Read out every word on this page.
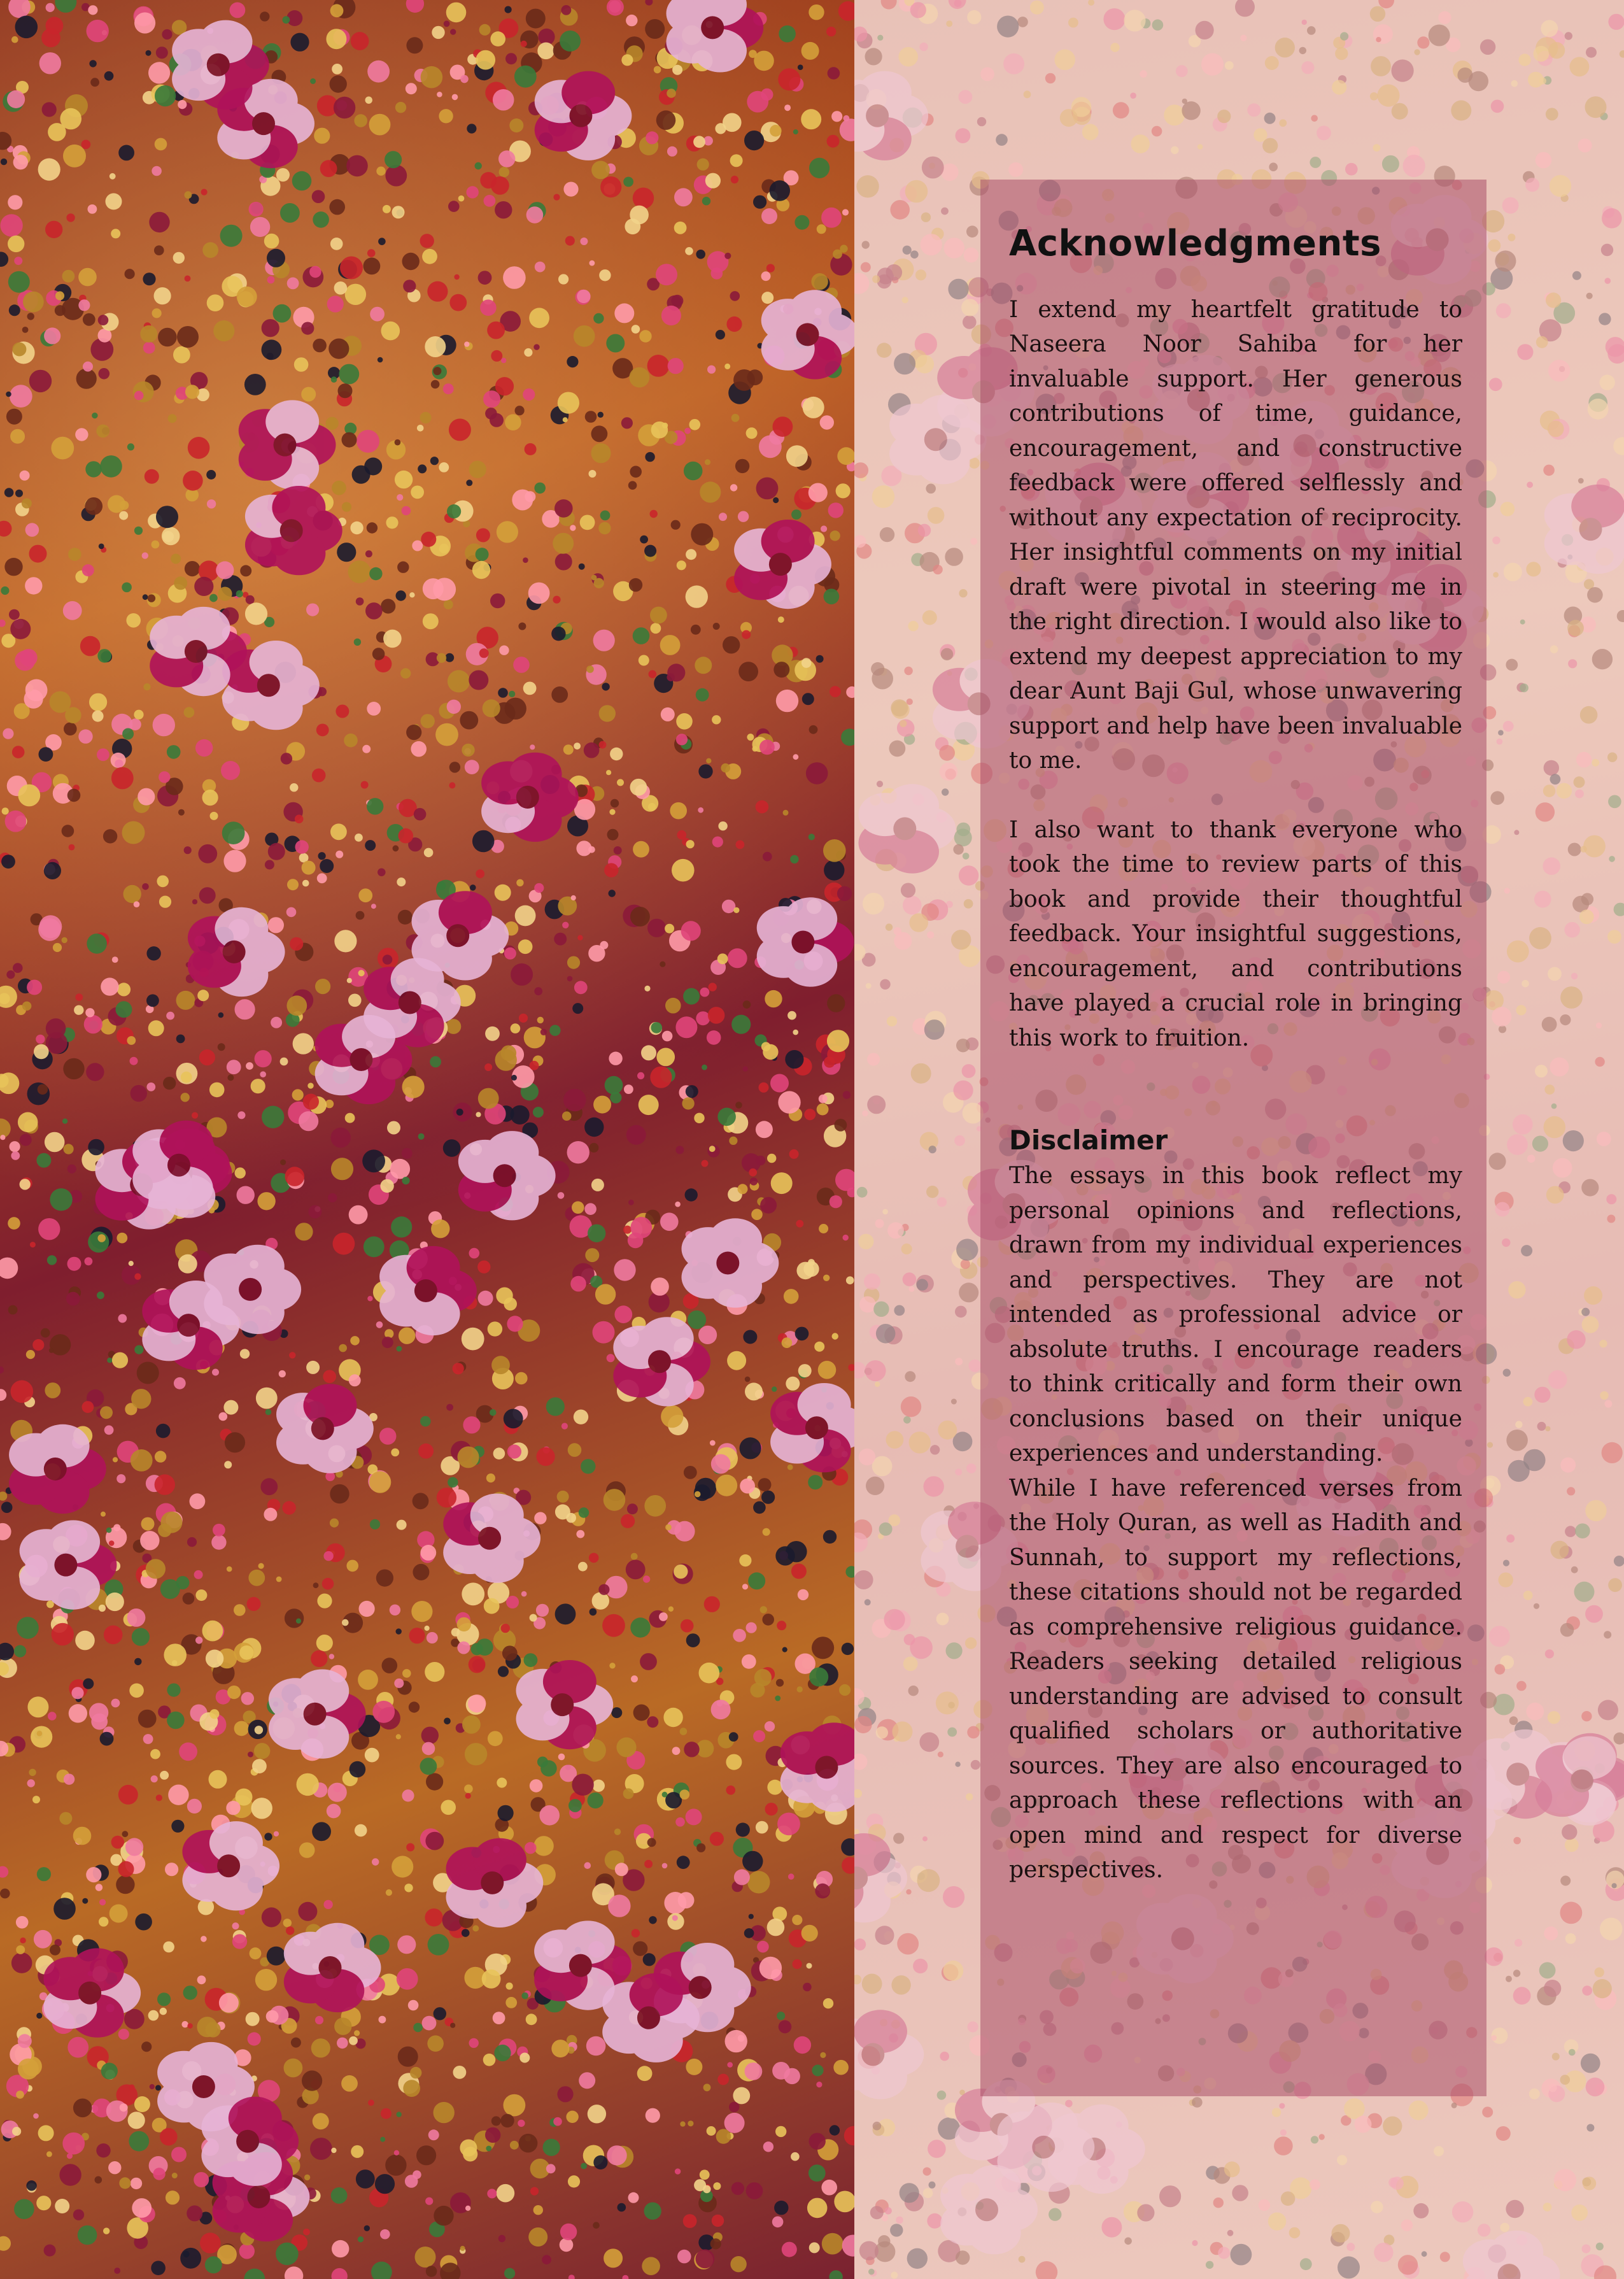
Acknowledgments

I extend my heartfelt gratitude to Naseera Noor Sahiba for her invaluable support. Her generous contributions of time, guidance, encouragement, and constructive feedback were offered selflessly and without any expectation of reciprocity. Her insightful comments on my initial draft were pivotal in steering me in the right direction. I would also like to extend my deepest appreciation to my dear Aunt Baji Gul, whose unwavering support and help have been invaluable to me.

I also want to thank everyone who took the time to review parts of this book and provide their thoughtful feedback. Your insightful suggestions, encouragement, and contributions have played a crucial role in bringing this work to fruition.

Disclaimer

The essays in this book reflect my personal opinions and reflections, drawn from my individual experiences and perspectives. They are not intended as professional advice or absolute truths. I encourage readers to think critically and form their own conclusions based on their unique experiences and understanding.

While I have referenced verses from the Holy Quran, as well as Hadith and Sunnah, to support my reflections, these citations should not be regarded as comprehensive religious guidance. Readers seeking detailed religious understanding are advised to consult qualified scholars or authoritative sources. They are also encouraged to approach these reflections with an open mind and respect for diverse perspectives.
